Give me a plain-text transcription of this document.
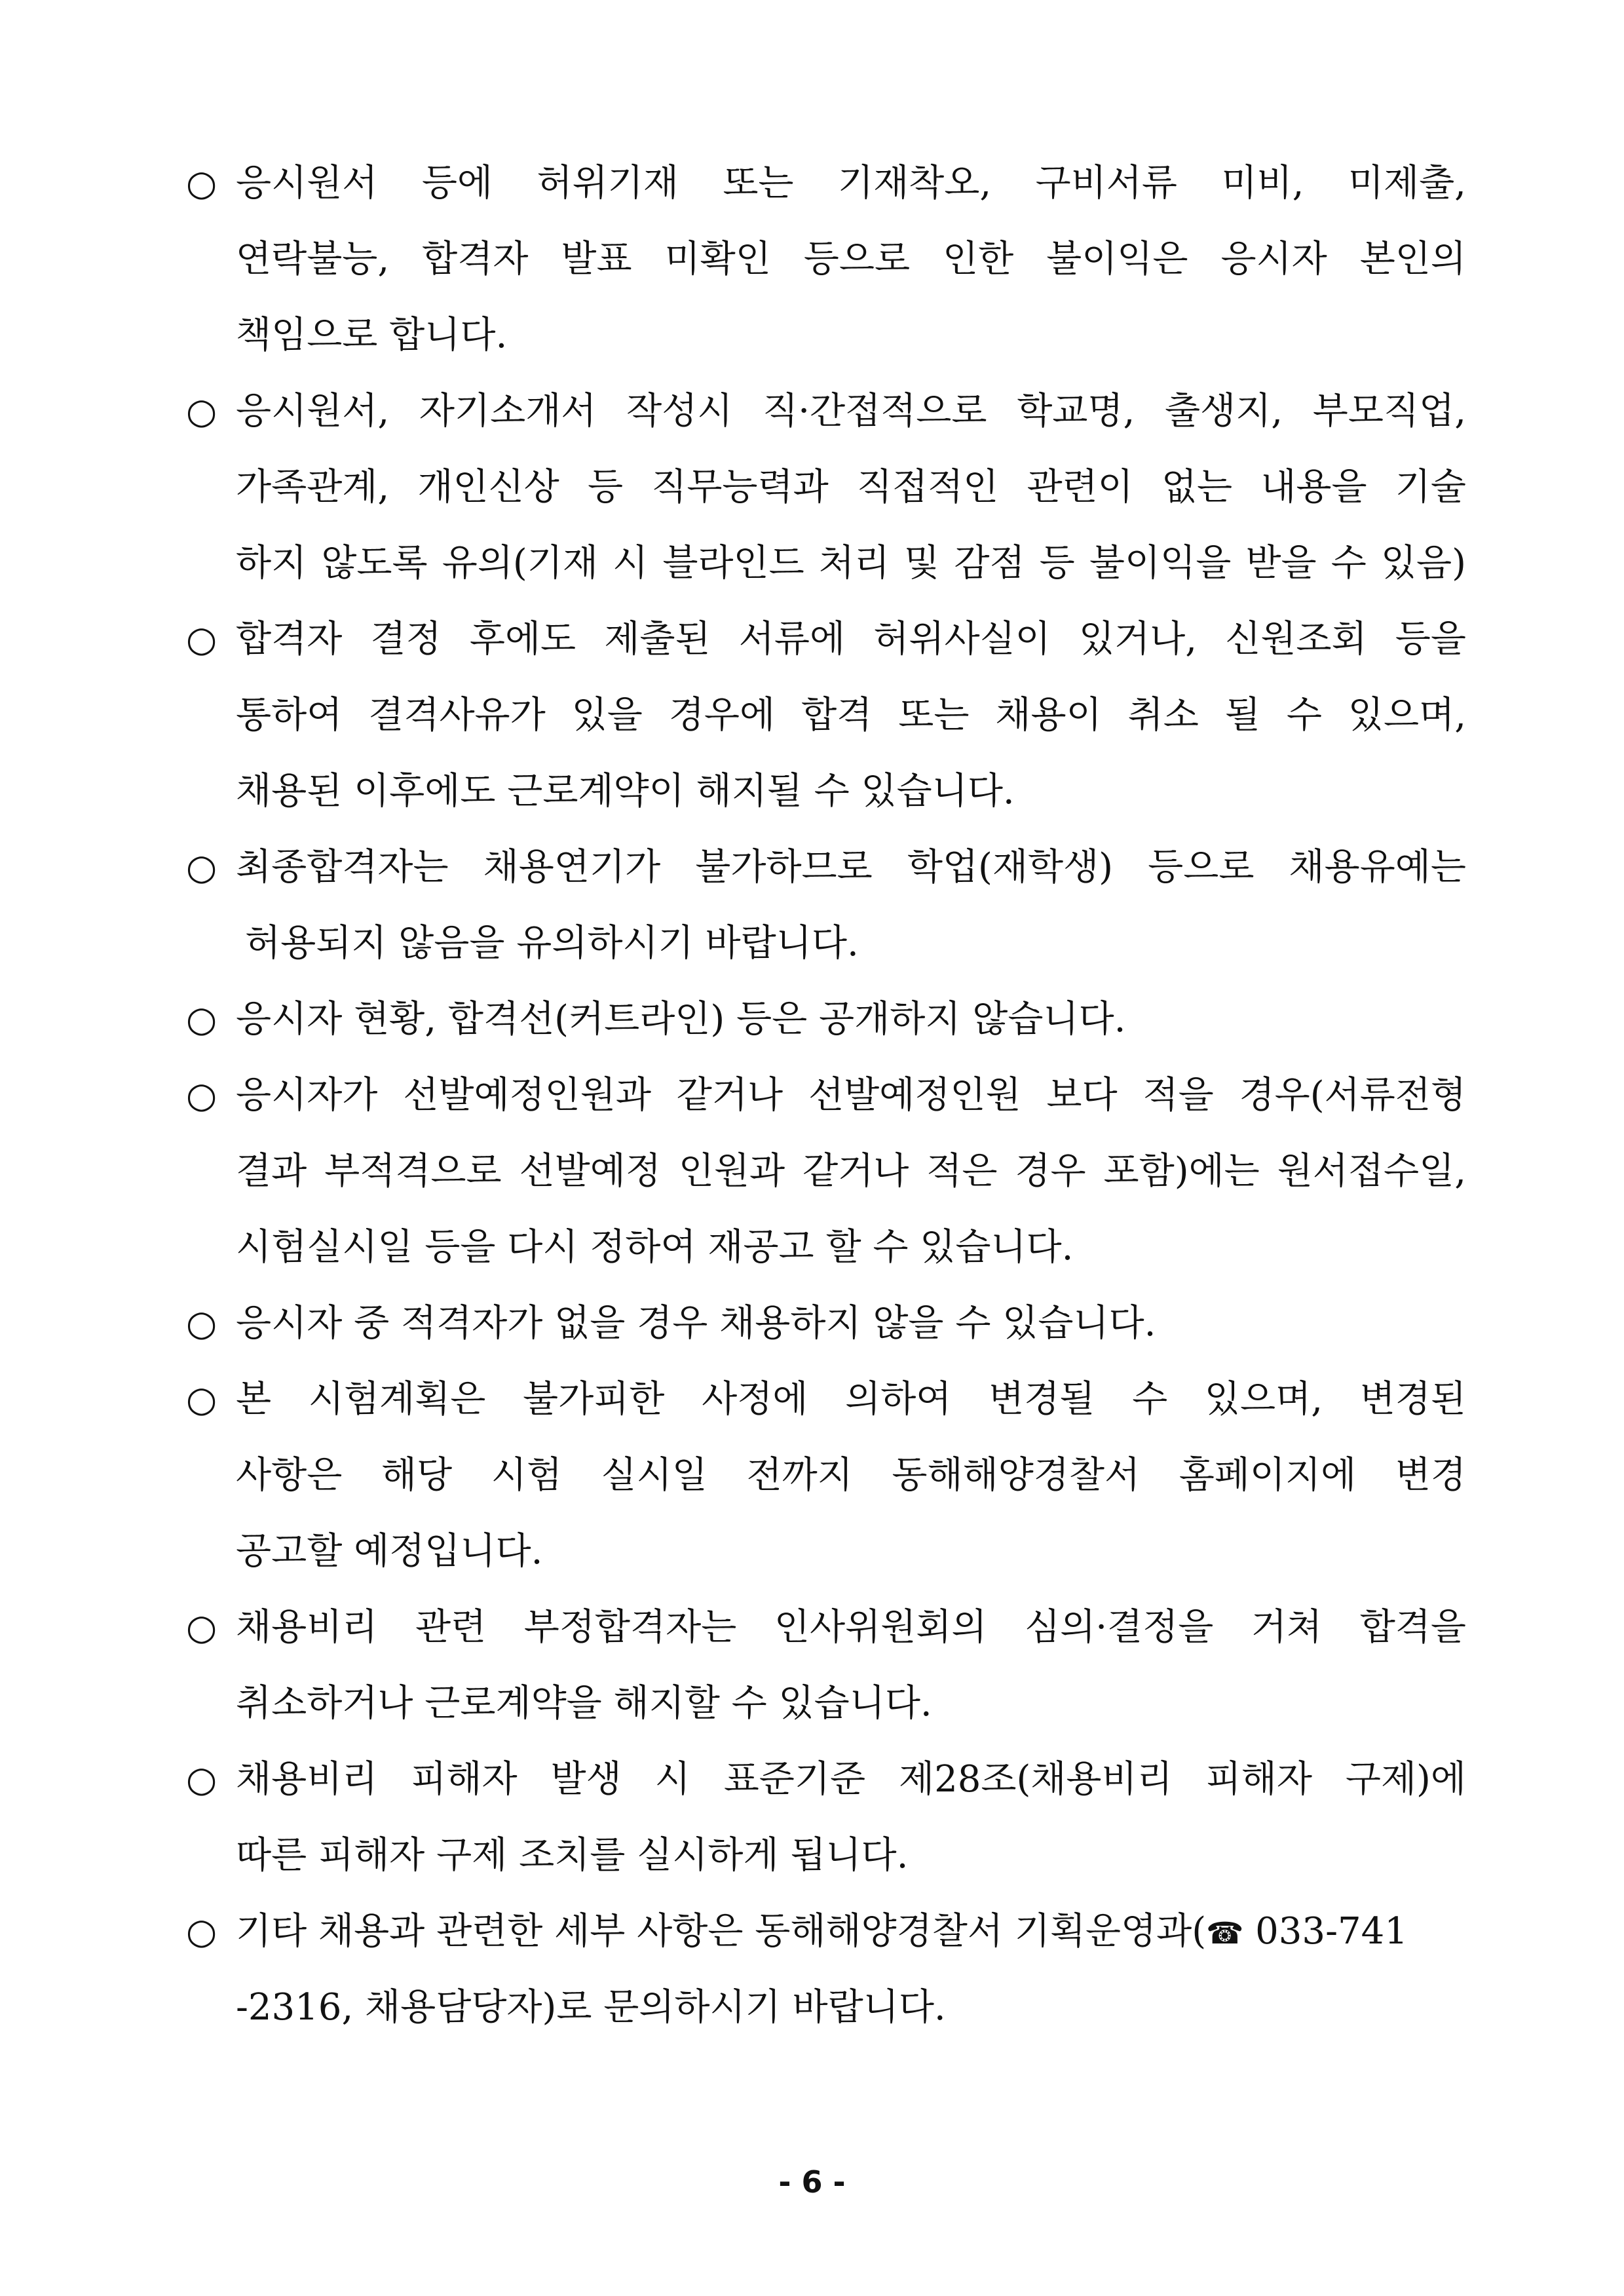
○ 응시원서 등에 허위기재 또는 기재착오, 구비서류 미비, 미제출,
연락불능, 합격자 발표 미확인 등으로 인한 불이익은 응시자 본인의
책임으로 합니다.
○ 응시원서, 자기소개서 작성시 직·간접적으로 학교명, 출생지, 부모직업,
가족관계, 개인신상 등 직무능력과 직접적인 관련이 없는 내용을 기술
하지 않도록 유의(기재 시 블라인드 처리 및 감점 등 불이익을 받을 수 있음)
○ 합격자 결정 후에도 제출된 서류에 허위사실이 있거나, 신원조회 등을
통하여 결격사유가 있을 경우에 합격 또는 채용이 취소 될 수 있으며,
채용된 이후에도 근로계약이 해지될 수 있습니다.
○ 최종합격자는 채용연기가 불가하므로 학업(재학생) 등으로 채용유예는
허용되지 않음을 유의하시기 바랍니다.
○ 응시자 현황, 합격선(커트라인) 등은 공개하지 않습니다.
○ 응시자가 선발예정인원과 같거나 선발예정인원 보다 적을 경우(서류전형
결과 부적격으로 선발예정 인원과 같거나 적은 경우 포함)에는 원서접수일,
시험실시일 등을 다시 정하여 재공고 할 수 있습니다.
○ 응시자 중 적격자가 없을 경우 채용하지 않을 수 있습니다.
○ 본 시험계획은 불가피한 사정에 의하여 변경될 수 있으며, 변경된
사항은 해당 시험 실시일 전까지 동해해양경찰서 홈페이지에 변경
공고할 예정입니다.
○ 채용비리 관련 부정합격자는 인사위원회의 심의·결정을 거쳐 합격을
취소하거나 근로계약을 해지할 수 있습니다.
○ 채용비리 피해자 발생 시 표준기준 제28조(채용비리 피해자 구제)에
따른 피해자 구제 조치를 실시하게 됩니다.
○ 기타 채용과 관련한 세부 사항은 동해해양경찰서 기획운영과(☎ 033-741
-2316, 채용담당자)로 문의하시기 바랍니다.
- 6 -
